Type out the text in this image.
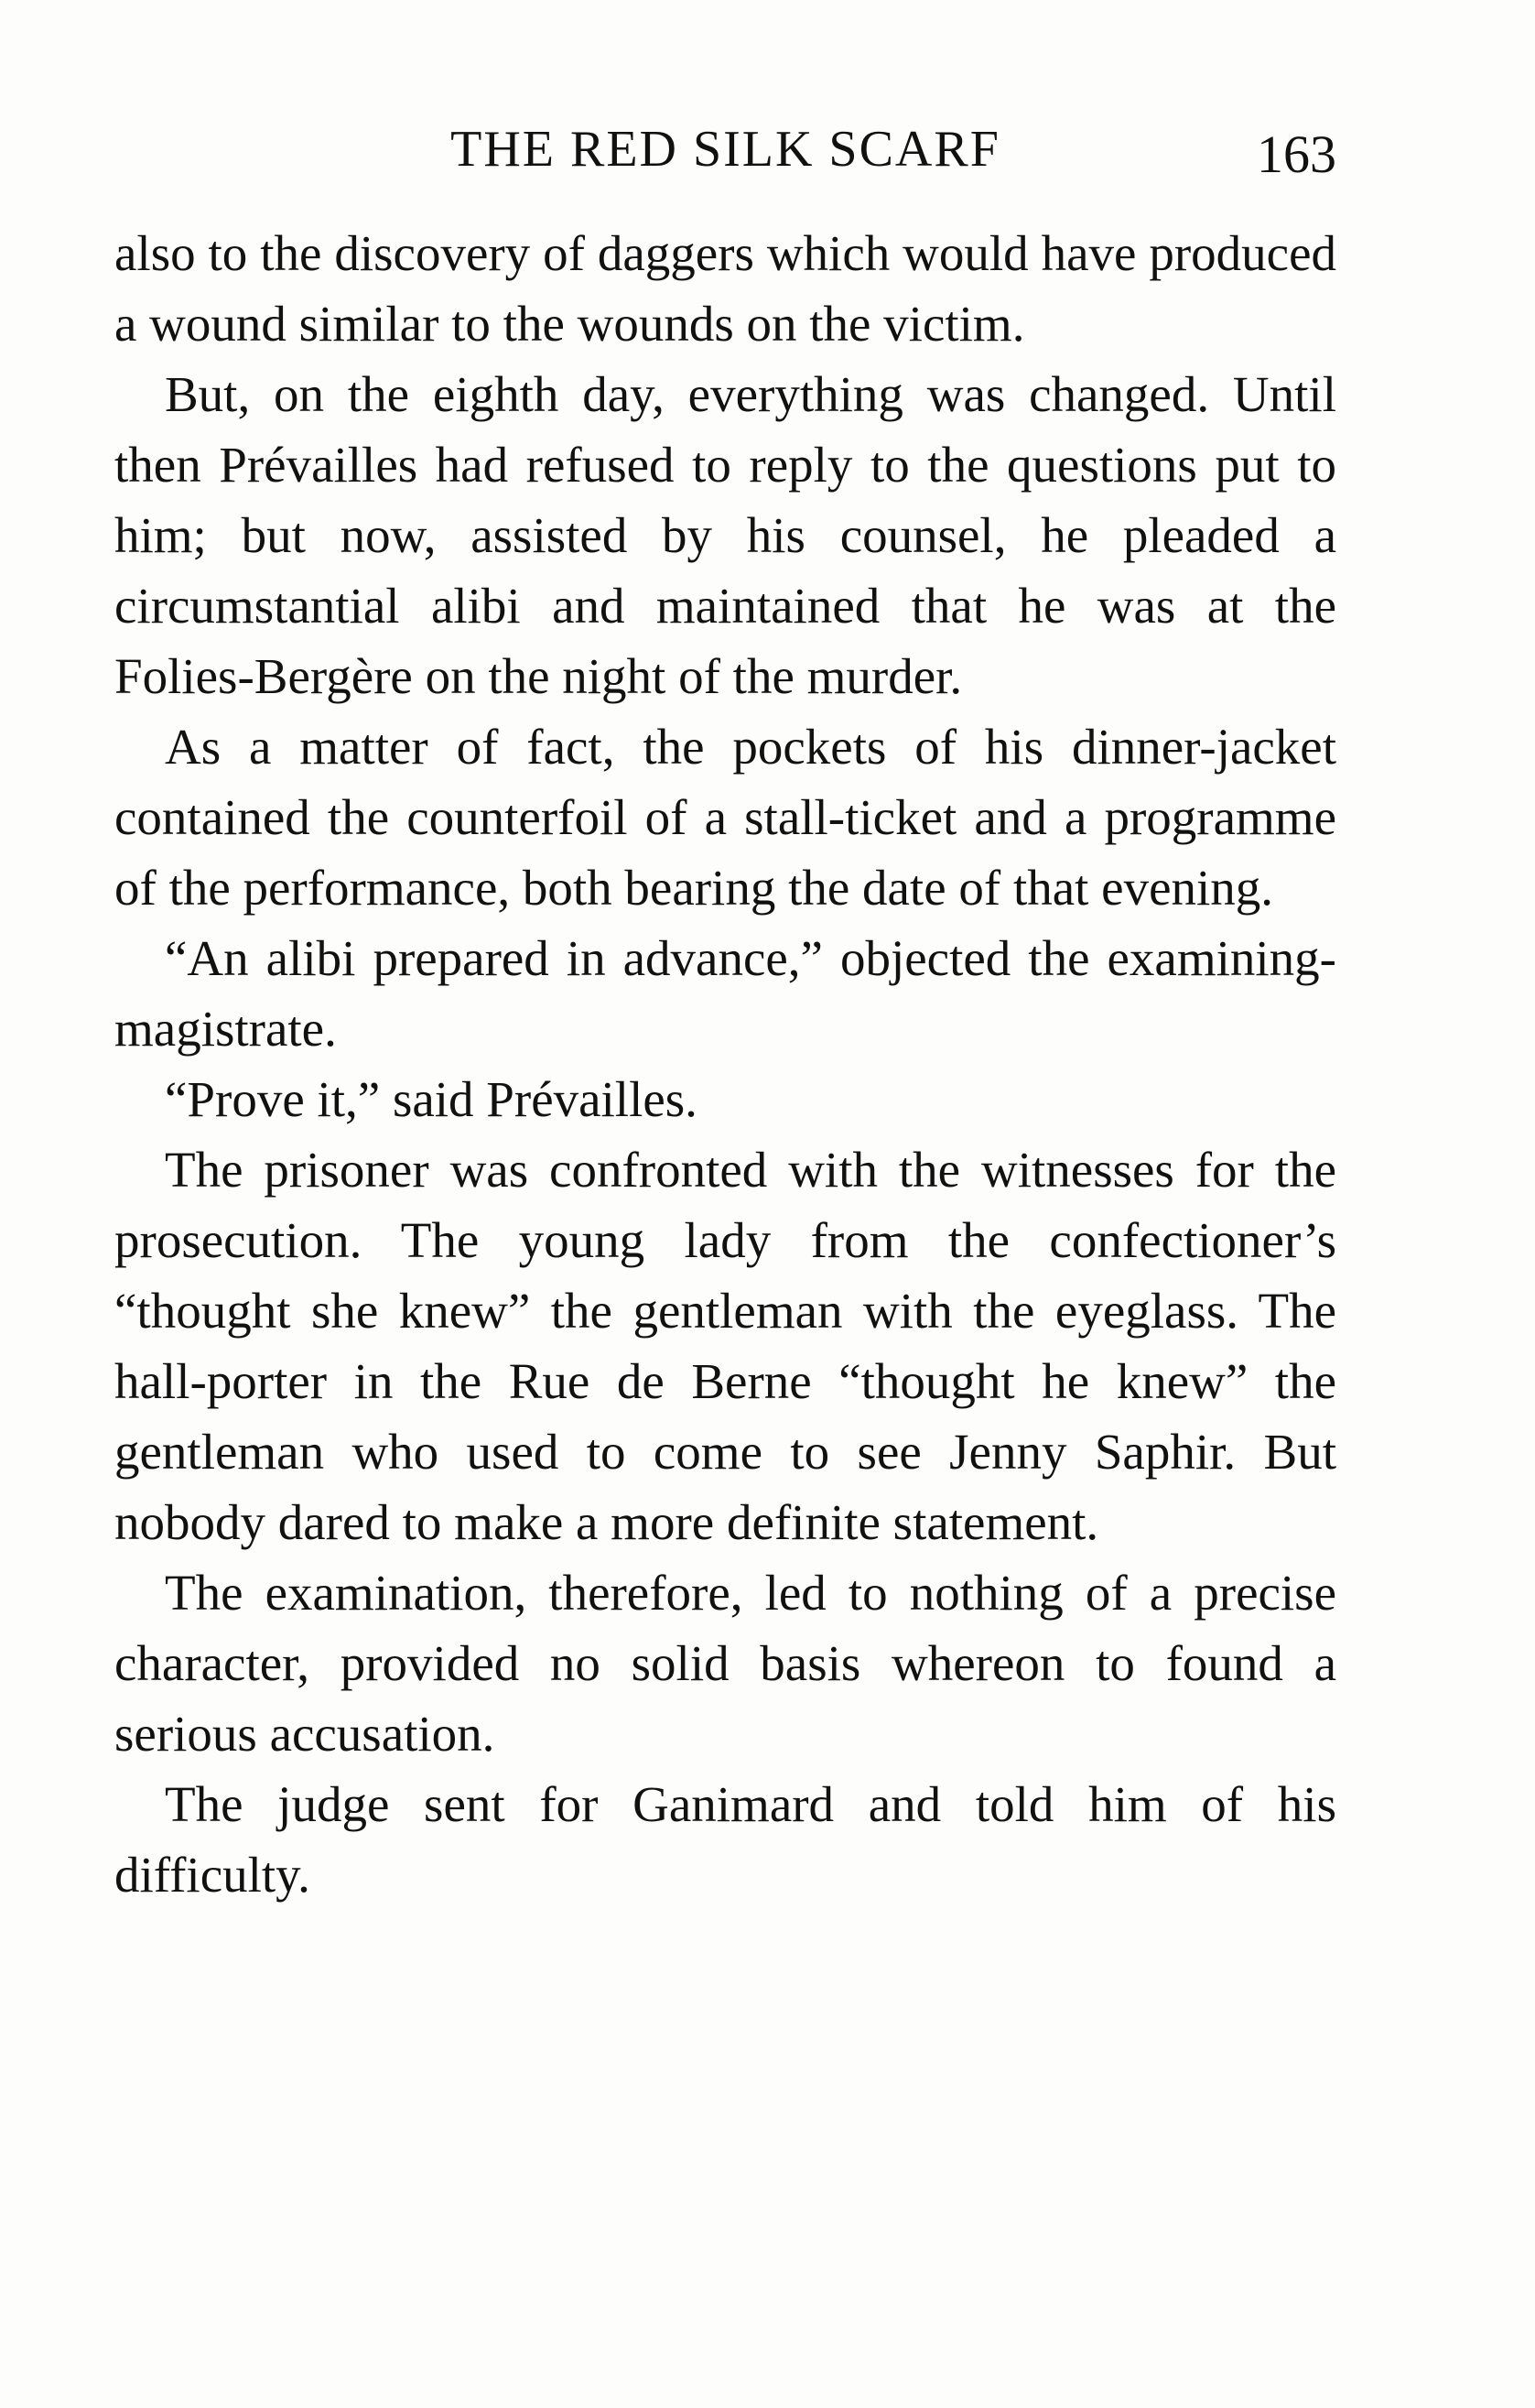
THE RED SILK SCARF	163

also to the discovery of daggers which would have produced a wound similar to the wounds on the victim.

But, on the eighth day, everything was changed. Until then Prévailles had refused to reply to the questions put to him; but now, assisted by his counsel, he pleaded a circumstantial alibi and maintained that he was at the Folies-Bergère on the night of the murder.

As a matter of fact, the pockets of his dinner-jacket contained the counterfoil of a stall-ticket and a programme of the performance, both bearing the date of that evening.

“An alibi prepared in advance,” objected the examining-magistrate.

“Prove it,” said Prévailles.

The prisoner was confronted with the witnesses for the prosecution. The young lady from the confectioner’s “thought she knew” the gentleman with the eyeglass. The hall-porter in the Rue de Berne “thought he knew” the gentleman who used to come to see Jenny Saphir. But nobody dared to make a more definite statement.

The examination, therefore, led to nothing of a precise character, provided no solid basis whereon to found a serious accusation.

The judge sent for Ganimard and told him of his difficulty.
